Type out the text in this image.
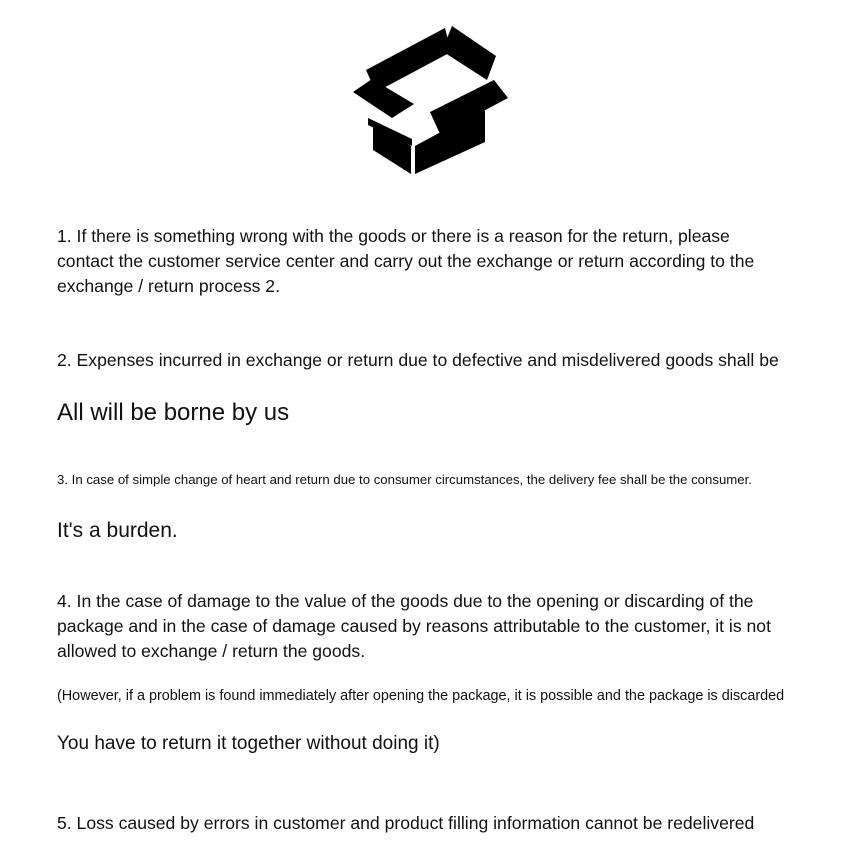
1. If there is something wrong with the goods or there is a reason for the return, please
contact the customer service center and carry out the exchange or return according to the
exchange / return process 2.
2. Expenses incurred in exchange or return due to defective and misdelivered goods shall be
All will be borne by us
3. In case of simple change of heart and return due to consumer circumstances, the delivery fee shall be the consumer.
It's a burden.
4. In the case of damage to the value of the goods due to the opening or discarding of the
package and in the case of damage caused by reasons attributable to the customer, it is not
allowed to exchange / return the goods.
(However, if a problem is found immediately after opening the package, it is possible and the package is discarded
You have to return it together without doing it)
5. Loss caused by errors in customer and product filling information cannot be redelivered
